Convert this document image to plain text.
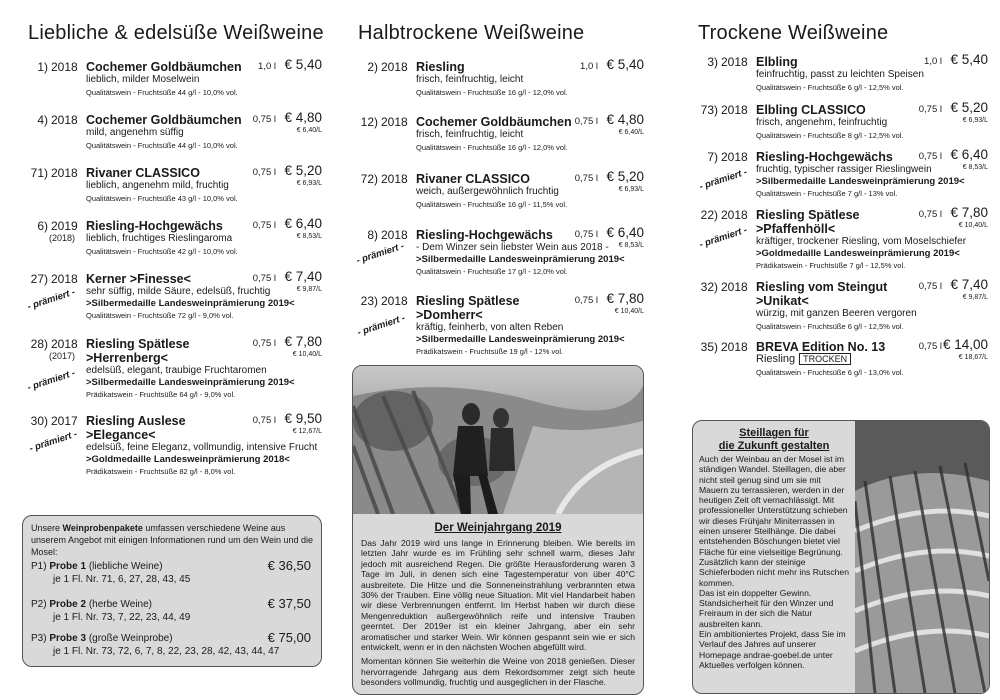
Liebliche & edelsüße Weißweine
1) 2018 Cochemer Goldbäumchen
lieblich, milder Moselwein
Qualitätswein - Fruchtsüße 44 g/l - 10,0% vol.
1,0 l € 5,40
4) 2018 Cochemer Goldbäumchen
mild, angenehm süffig
Qualitätswein - Fruchtsüße 44 g/l - 10,0% vol.
0,75 l € 4,80
€ 6,40/L
71) 2018 Rivaner CLASSICO
lieblich, angenehm mild, fruchtig
Qualitätswein - Fruchtsüße 43 g/l - 10,0% vol.
0,75 l € 5,20
€ 6,93/L
6) 2019
(2018)
Riesling-Hochgewächs
lieblich, fruchtiges Rieslingaroma
Qualitätswein - Fruchtsüße 42 g/l - 10,0% vol.
0,75 l € 6,40
€ 8,53/L
27) 2018 Kerner >Finesse<
sehr süffig, milde Säure, edelsüß, fruchtig
>Silbermedaille Landesweinprämierung 2019<
Qualitätswein - Fruchtsüße 72 g/l - 9,0% vol.
0,75 l € 7,40
€ 9,87/L
- prämiert -
28) 2018
(2017)
Riesling Spätlese
>Herrenberg<
edelsüß, elegant, traubige Fruchtaromen
>Silbermedaille Landesweinprämierung 2019<
Prädikatswein - Fruchtsüße 64 g/l - 9,0% vol.
0,75 l € 7,80
€ 10,40/L
- prämiert -
30) 2017 Riesling Auslese
>Elegance<
edelsüß, feine Eleganz, vollmundig, intensive Frucht
>Goldmedaille Landesweinprämierung 2018<
Prädikatswein - Fruchtsüße 82 g/l - 8,0% vol.
0,75 l € 9,50
€ 12,67/L
- prämiert -
Halbtrockene Weißweine
2) 2018 Riesling
frisch, feinfruchtig, leicht
Qualitätswein - Fruchtsüße 16 g/l - 12,0% vol.
1,0 l € 5,40
12) 2018 Cochemer Goldbäumchen
frisch, feinfruchtig, leicht
Qualitätswein - Fruchtsüße 16 g/l - 12,0% vol.
0,75 l € 4,80
€ 6,40/L
72) 2018 Rivaner CLASSICO
weich, außergewöhnlich fruchtig
Qualitätswein - Fruchtsüße 16 g/l - 11,5% vol.
0,75 l € 5,20
€ 6,93/L
8) 2018 Riesling-Hochgewächs
- Dem Winzer sein liebster Wein aus 2018 -
>Silbermedaille Landesweinprämierung 2019<
Qualitätswein - Fruchtsüße 17 g/l - 12,0% vol.
0,75 l € 6,40
€ 8,53/L
- prämiert -
23) 2018 Riesling Spätlese
>Domherr<
kräftig, feinherb, von alten Reben
>Silbermedaille Landesweinprämierung 2019<
Prädikatswein - Fruchtsüße 19 g/l - 12% vol.
0,75 l € 7,80
€ 10,40/L
- prämiert -
Trockene Weißweine
3) 2018 Elbling
feinfruchtig, passt zu leichten Speisen
Qualitätswein - Fruchtsüße 6 g/l - 12,5% vol.
1,0 l € 5,40
73) 2018 Elbling CLASSICO
frisch, angenehm, feinfruchtig
Qualitätswein - Fruchtsüße 8 g/l - 12,5% vol.
0,75 l € 5,20
€ 6,93/L
7) 2018 Riesling-Hochgewächs
fruchtig, typischer rassiger Rieslingwein
>Silbermedaille Landesweinprämierung 2019<
Qualitätswein - Fruchtsüße 7 g/l - 13% vol.
0,75 l € 6,40
€ 8,53/L
- prämiert -
22) 2018 Riesling Spätlese
>Pfaffenhöll<
kräftiger, trockener Riesling, vom Moselschiefer
>Goldmedaille Landesweinprämierung 2019<
Prädikatswein - Fruchtsüße 7 g/l - 12,5% vol.
0,75 l € 7,80
€ 10,40/L
- prämiert -
32) 2018 Riesling vom Steingut
>Unikat<
würzig, mit ganzen Beeren vergoren
Qualitätswein - Fruchtsüße 6 g/l - 12,5% vol.
0,75 l € 7,40
€ 9,87/L
35) 2018 BREVA Edition No. 13
Riesling TROCKEN
Qualitätswein - Fruchtsüße 6 g/l - 13,0% vol.
0,75 l € 14,00
€ 18,67/L
Unsere Weinprobenpakete umfassen verschiedene Weine aus unserem Angebot mit einigen Informationen rund um den Wein und die Mosel:
P1) Probe 1 (liebliche Weine)	€ 36,50
je 1 Fl. Nr. 71, 6, 27, 28, 43, 45
P2) Probe 2 (herbe Weine)	€ 37,50
je 1 Fl. Nr. 73, 7, 22, 23, 44, 49
P3) Probe 3 (große Weinprobe)	€ 75,00
je 1 Fl. Nr. 73, 72, 6, 7, 8, 22, 23, 28, 42, 43, 44, 47
Der Weinjahrgang 2019

Das Jahr 2019 wird uns lange in Erinnerung bleiben. Wie bereits im letzten Jahr wurde es im Frühling sehr schnell warm, dieses Jahr jedoch mit ausreichend Regen. Die größte Herausforderung waren 3 Tage im Juli, in denen sich eine Tagestemperatur von über 40°C ausbreitete. Die Hitze und die Sonneneinstrahlung verbrannten etwa 30% der Trauben. Eine völlig neue Situation. Mit viel Handarbeit haben wir diese Verbrennungen entfernt. Im Herbst haben wir durch diese Mengenreduktion außergewöhnlich reife und intensive Trauben geerntet. Der 2019er ist ein kleiner Jahrgang, aber ein sehr aromatischer und starker Wein. Wir können gespannt sein wie er sich entwickelt, wenn er in den nächsten Wochen abgefüllt wird.

Momentan können Sie weiterhin die Weine von 2018 genießen. Dieser hervorragende Jahrgang aus dem Rekordsommer zeigt sich heute besonders vollmundig, fruchtig und ausgeglichen in der Flasche.

Steillagen für
die Zukunft gestalten

Auch der Weinbau an der Mosel ist im ständigen Wandel. Steillagen, die aber nicht steil genug sind um sie mit Mauern zu terrassieren, werden in der heutigen Zeit oft vernachlässigt. Mit professioneller Unterstützung schieben wir dieses Frühjahr Miniterrassen in einen unserer Steilhänge. Die dabei entstehenden Böschungen bietet viel Fläche für eine vielseitige Begrünung. Zusätzlich kann der steinige Schieferboden nicht mehr ins Rutschen kommen.

Das ist ein doppelter Gewinn. Standsicherheit für den Winzer und Freiraum in der sich die Natur ausbreiten kann.

Ein ambitioniertes Projekt, dass Sie im Verlauf des Jahres auf unserer Homepage andrae-goebel.de unter Aktuelles verfolgen können.
